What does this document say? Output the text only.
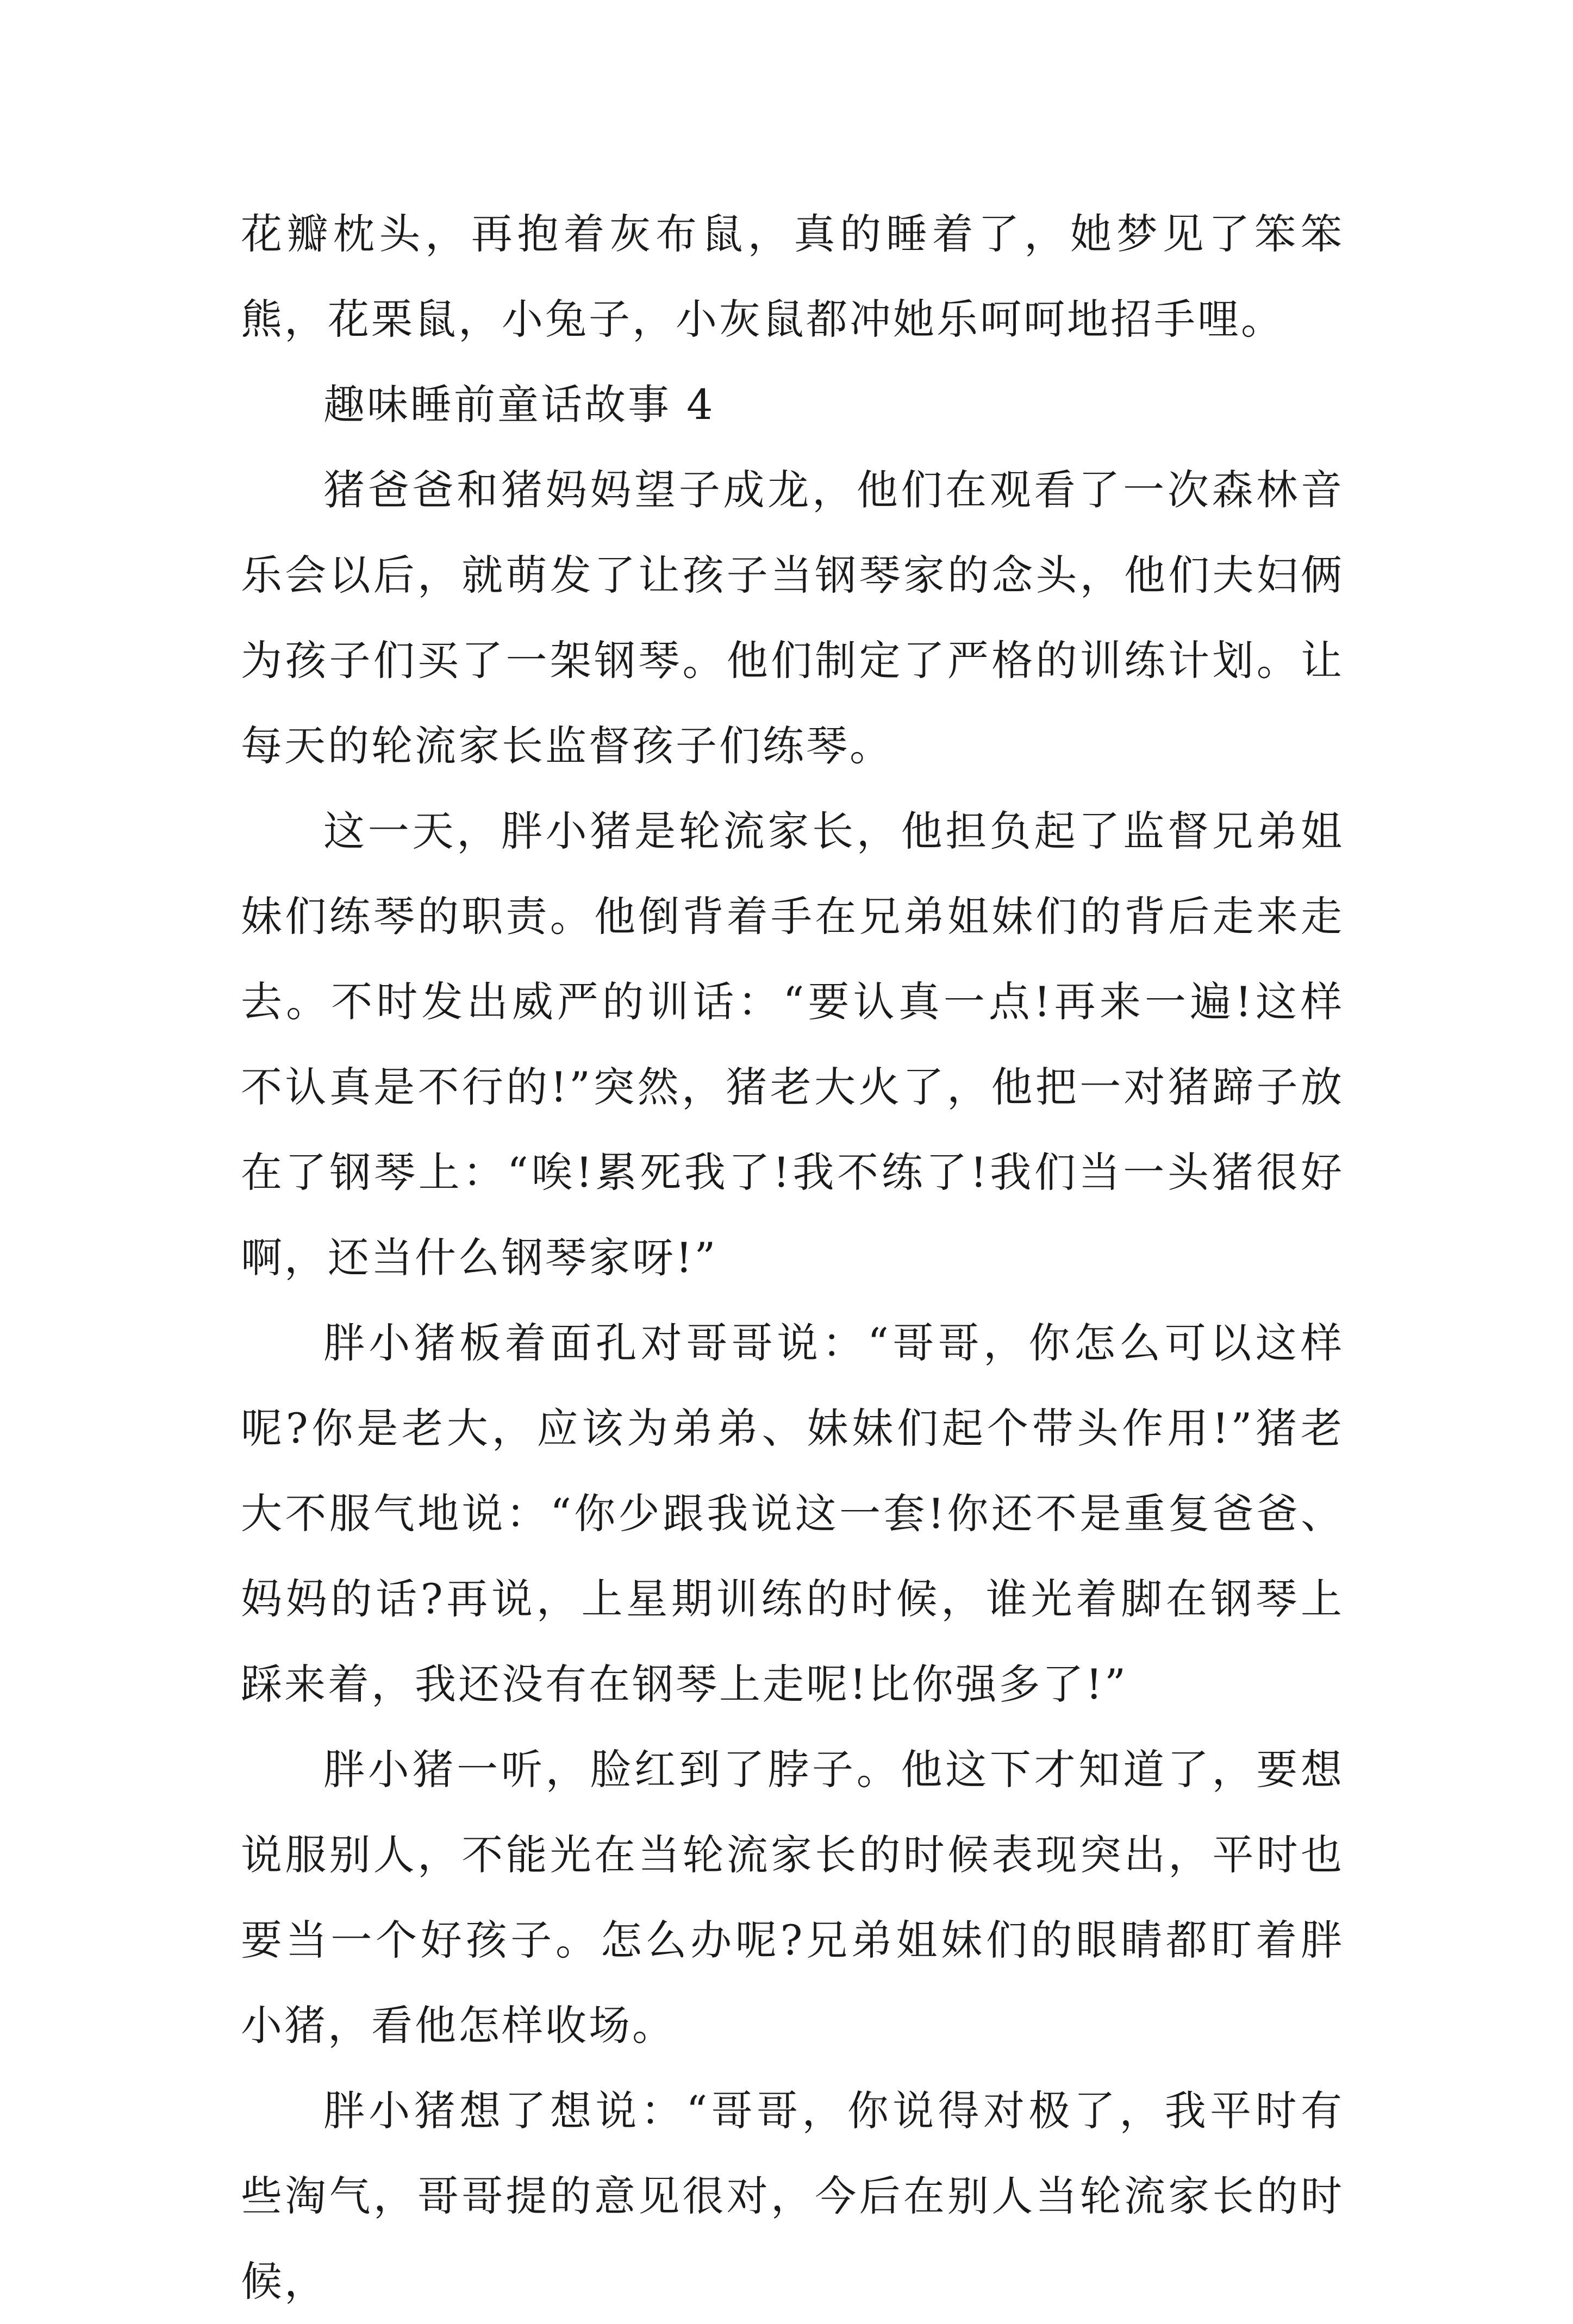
花瓣枕头，再抱着灰布鼠，真的睡着了，她梦见了笨笨熊，花栗鼠，小兔子，小灰鼠都冲她乐呵呵地招手哩。

趣味睡前童话故事 4

猪爸爸和猪妈妈望子成龙，他们在观看了一次森林音乐会以后，就萌发了让孩子当钢琴家的念头，他们夫妇俩为孩子们买了一架钢琴。他们制定了严格的训练计划。让每天的轮流家长监督孩子们练琴。

这一天，胖小猪是轮流家长，他担负起了监督兄弟姐妹们练琴的职责。他倒背着手在兄弟姐妹们的背后走来走去。不时发出威严的训话：“要认真一点!再来一遍!这样不认真是不行的!”突然，猪老大火了，他把一对猪蹄子放在了钢琴上：“唉!累死我了!我不练了!我们当一头猪很好啊，还当什么钢琴家呀!”

胖小猪板着面孔对哥哥说：“哥哥，你怎么可以这样呢?你是老大，应该为弟弟、妹妹们起个带头作用!”猪老大不服气地说：“你少跟我说这一套!你还不是重复爸爸、妈妈的话?再说，上星期训练的时候，谁光着脚在钢琴上踩来着，我还没有在钢琴上走呢!比你强多了!”

胖小猪一听，脸红到了脖子。他这下才知道了，要想说服别人，不能光在当轮流家长的时候表现突出，平时也要当一个好孩子。怎么办呢?兄弟姐妹们的眼睛都盯着胖小猪，看他怎样收场。

胖小猪想了想说：“哥哥，你说得对极了，我平时有些淘气，哥哥提的意见很对，今后在别人当轮流家长的时候，
